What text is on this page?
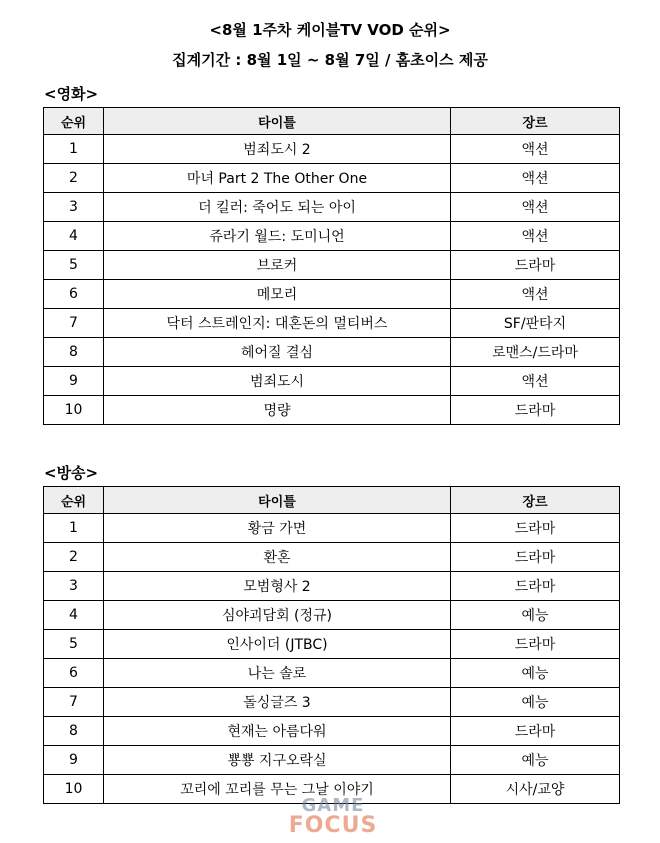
<8월 1주차 케이블TV VOD 순위>
집계기간 : 8월 1일 ~ 8월 7일 / 홈초이스 제공
<영화>
순위	타이틀	장르
1	범죄도시 2	액션
2	마녀 Part 2 The Other One	액션
3	더 킬러: 죽어도 되는 아이	액션
4	쥬라기 월드: 도미니언	액션
5	브로커	드라마
6	메모리	액션
7	닥터 스트레인지: 대혼돈의 멀티버스	SF/판타지
8	헤어질 결심	로맨스/드라마
9	범죄도시	액션
10	명량	드라마
<방송>
순위	타이틀	장르
1	황금 가면	드라마
2	환혼	드라마
3	모범형사 2	드라마
4	심야괴담회 (정규)	예능
5	인사이더 (JTBC)	드라마
6	나는 솔로	예능
7	돌싱글즈 3	예능
8	현재는 아름다워	드라마
9	뿅뿅 지구오락실	예능
10	꼬리에 꼬리를 무는 그날 이야기	시사/교양
GAME
FOCUS
